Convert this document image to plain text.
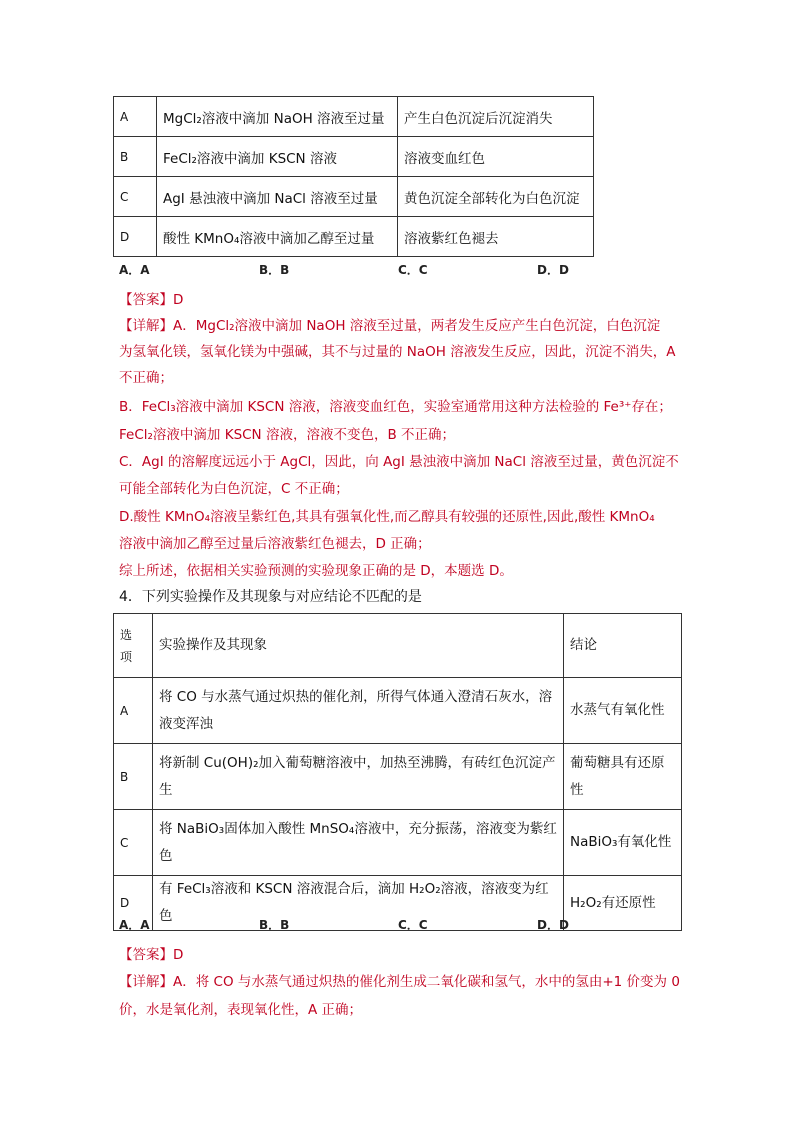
A	MgCl₂溶液中滴加 NaOH 溶液至过量	产生白色沉淀后沉淀消失
B	FeCl₂溶液中滴加 KSCN 溶液	溶液变血红色
C	AgI 悬浊液中滴加 NaCl 溶液至过量	黄色沉淀全部转化为白色沉淀
D	酸性 KMnO₄溶液中滴加乙醇至过量	溶液紫红色褪去
A．A	B．B	C．C	D．D
【答案】D
【详解】A．MgCl₂溶液中滴加 NaOH 溶液至过量，两者发生反应产生白色沉淀，白色沉淀
为氢氧化镁，氢氧化镁为中强碱，其不与过量的 NaOH 溶液发生反应，因此，沉淀不消失，A
不正确；
B．FeCl₃溶液中滴加 KSCN 溶液，溶液变血红色，实验室通常用这种方法检验的 Fe³⁺存在；
FeCl₂溶液中滴加 KSCN 溶液，溶液不变色，B 不正确；
C．AgI 的溶解度远远小于 AgCl，因此，向 AgI 悬浊液中滴加 NaCl 溶液至过量，黄色沉淀不
可能全部转化为白色沉淀，C 不正确；
D.酸性 KMnO₄溶液呈紫红色,其具有强氧化性,而乙醇具有较强的还原性,因此,酸性 KMnO₄
溶液中滴加乙醇至过量后溶液紫红色褪去，D 正确；
综上所述，依据相关实验预测的实验现象正确的是 D，本题选 D。
4．下列实验操作及其现象与对应结论不匹配的是
选
项	实验操作及其现象	结论
A	将 CO 与水蒸气通过炽热的催化剂，所得气体通入澄清石灰水，溶液变浑浊	水蒸气有氧化性
B	将新制 Cu(OH)₂加入葡萄糖溶液中，加热至沸腾，有砖红色沉淀产生	葡萄糖具有还原性
C	将 NaBiO₃固体加入酸性 MnSO₄溶液中，充分振荡，溶液变为紫红色	NaBiO₃有氧化性
D	有 FeCl₃溶液和 KSCN 溶液混合后，滴加 H₂O₂溶液，溶液变为红色	H₂O₂有还原性
A．A	B．B	C．C	D．D
【答案】D
【详解】A．将 CO 与水蒸气通过炽热的催化剂生成二氧化碳和氢气，水中的氢由+1 价变为 0
价，水是氧化剂，表现氧化性，A 正确；
